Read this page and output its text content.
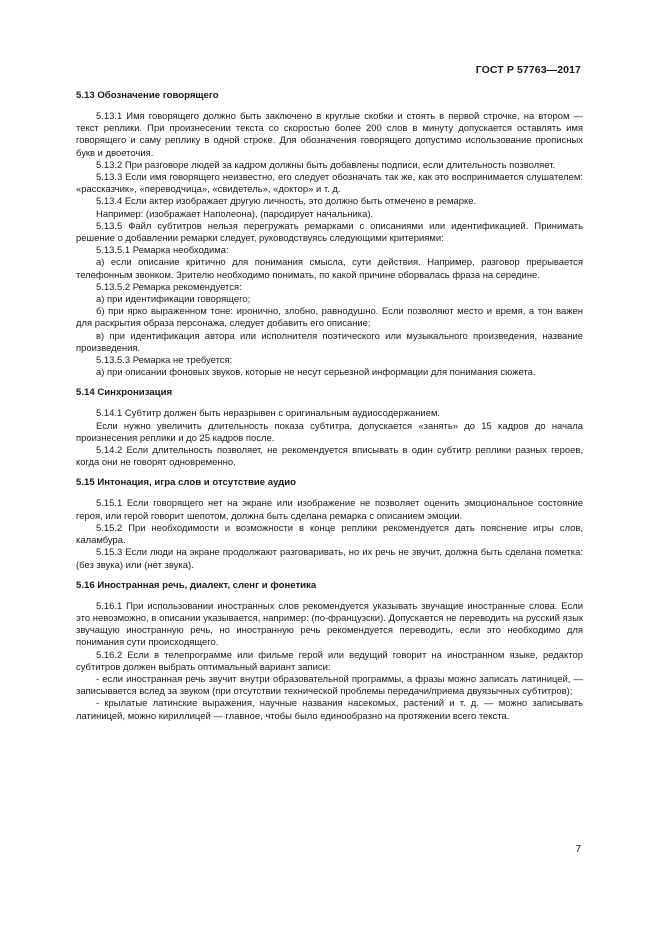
ГОСТ Р 57763—2017
5.13 Обозначение говорящего

5.13.1 Имя говорящего должно быть заключено в круглые скобки и стоять в первой строчке, на втором — текст реплики. При произнесении текста со скоростью более 200 слов в минуту допускается оставлять имя говорящего и саму реплику в одной строке. Для обозначения говорящего допустимо использование прописных букв и двоеточия.

5.13.2 При разговоре людей за кадром должны быть добавлены подписи, если длительность позволяет.

5.13.3 Если имя говорящего неизвестно, его следует обозначать так же, как это воспринимается слушателем: «рассказчик», «переводчица», «свидетель», «доктор» и т. д.

5.13.4 Если актер изображает другую личность, это должно быть отмечено в ремарке.

Например: (изображает Наполеона), (пародирует начальника).

5.13.5 Файл субтитров нельзя перегружать ремарками с описаниями или идентификацией. Принимать решение о добавлении ремарки следует, руководствуясь следующими критериями:

5.13.5.1 Ремарка необходима:

а) если описание критично для понимания смысла, сути действия. Например, разговор прерывается телефонным звонком. Зрителю необходимо понимать, по какой причине оборвалась фраза на середине.

5.13.5.2 Ремарка рекомендуется:

а) при идентификации говорящего;

б) при ярко выраженном тоне: иронично, злобно, равнодушно. Если позволяют место и время, а тон важен для раскрытия образа персонажа, следует добавить его описание;

в) при идентификация автора или исполнителя поэтического или музыкального произведения, название произведения.

5.13.5.3 Ремарка не требуется:

а) при описании фоновых звуков, которые не несут серьезной информации для понимания сюжета.

5.14 Синхронизация

5.14.1 Субтитр должен быть неразрывен с оригинальным аудиосодержанием.

Если нужно увеличить длительность показа субтитра, допускается «занять» до 15 кадров до начала произнесения реплики и до 25 кадров после.

5.14.2 Если длительность позволяет, не рекомендуется вписывать в один субтитр реплики разных героев, когда они не говорят одновременно.

5.15 Интонация, игра слов и отсутствие аудио

5.15.1 Если говорящего нет на экране или изображение не позволяет оценить эмоциональное состояние героя, или герой говорит шепотом, должна быть сделана ремарка с описанием эмоции.

5.15.2 При необходимости и возможности в конце реплики рекомендуется дать пояснение игры слов, каламбура.

5.15.3 Если люди на экране продолжают разговаривать, но их речь не звучит, должна быть сделана пометка: (без звука) или (нет звука).

5.16 Иностранная речь, диалект, сленг и фонетика

5.16.1 При использовании иностранных слов рекомендуется указывать звучащие иностранные слова. Если это невозможно, в описании указывается, например: (по-французски). Допускается не переводить на русский язык звучащую иностранную речь, но иностранную речь рекомендуется переводить, если это необходимо для понимания сути происходящего.

5.16.2 Если в телепрограмме или фильме герой или ведущий говорит на иностранном языке, редактор субтитров должен выбрать оптимальный вариант записи:

- если иностранная речь звучит внутри образовательной программы, а фразы можно записать латиницей, — записывается вслед за звуком (при отсутствии технической проблемы передачи/приема двуязычных субтитров);

- крылатые латинские выражения, научные названия насекомых, растений и т. д. — можно записывать латиницей, можно кириллицей — главное, чтобы было единообразно на протяжении всего текста.

7
